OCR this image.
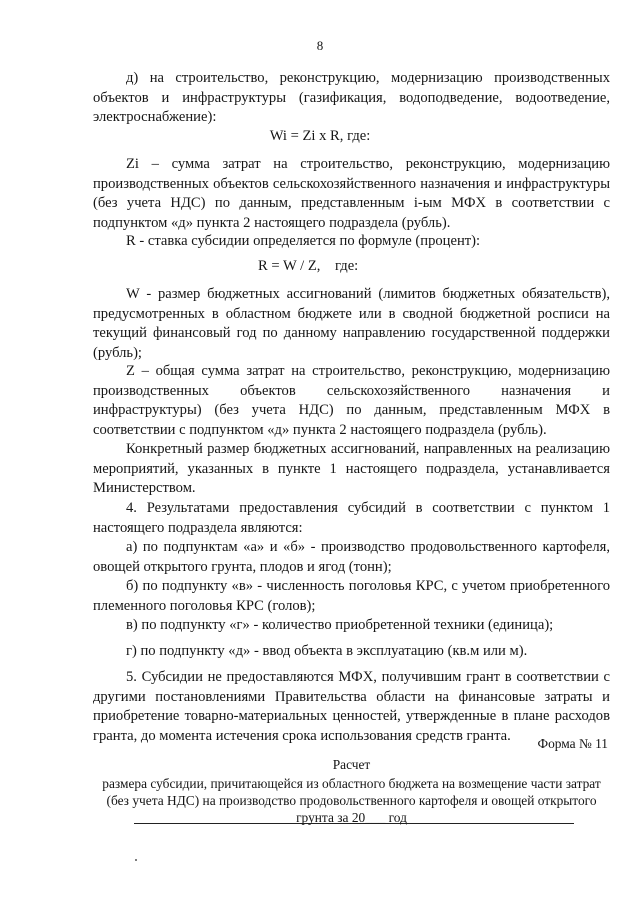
8

д) на строительство, реконструкцию, модернизацию производственных объектов и инфраструктуры (газификация, водоподведение, водоотведение, электроснабжение):

Wi = Zi x R, где:

Zi – сумма затрат на строительство, реконструкцию, модернизацию производственных объектов сельскохозяйственного назначения и инфраструктуры (без учета НДС) по данным, представленным i-ым МФХ в соответствии с подпунктом «д» пункта 2 настоящего подраздела (рубль).

R - ставка субсидии определяется по формуле (процент):

R = W / Z,    где:

W - размер бюджетных ассигнований (лимитов бюджетных обязательств), предусмотренных в областном бюджете или в сводной бюджетной росписи на текущий финансовый год по данному направлению государственной поддержки (рубль);

Z – общая сумма затрат на строительство, реконструкцию, модернизацию производственных объектов сельскохозяйственного назначения и инфраструктуры) (без учета НДС) по данным, представленным МФХ в соответствии с подпунктом «д» пункта 2 настоящего подраздела (рубль).

Конкретный размер бюджетных ассигнований, направленных на реализацию мероприятий, указанных в пункте 1 настоящего подраздела, устанавливается Министерством.

4. Результатами предоставления субсидий в соответствии с пунктом 1 настоящего подраздела являются:

а) по подпунктам «а» и «б» - производство продовольственного картофеля, овощей открытого грунта, плодов и ягод (тонн);

б) по подпункту «в» - численность поголовья КРС, с учетом приобретенного племенного поголовья КРС (голов);

в) по подпункту «г» - количество приобретенной техники (единица);

г) по подпункту «д» - ввод объекта в эксплуатацию (кв.м или м).

5. Субсидии не предоставляются МФХ, получившим грант в соответствии с другими постановлениями Правительства области на финансовые затраты и приобретение товарно-материальных ценностей, утвержденные в плане расходов гранта, до момента истечения срока использования средств гранта.	Форма № 11

Расчет

размера субсидии, причитающейся из областного бюджета на возмещение части затрат

(без учета НДС) на производство продовольственного картофеля и овощей открытого

грунта за 20___ год
